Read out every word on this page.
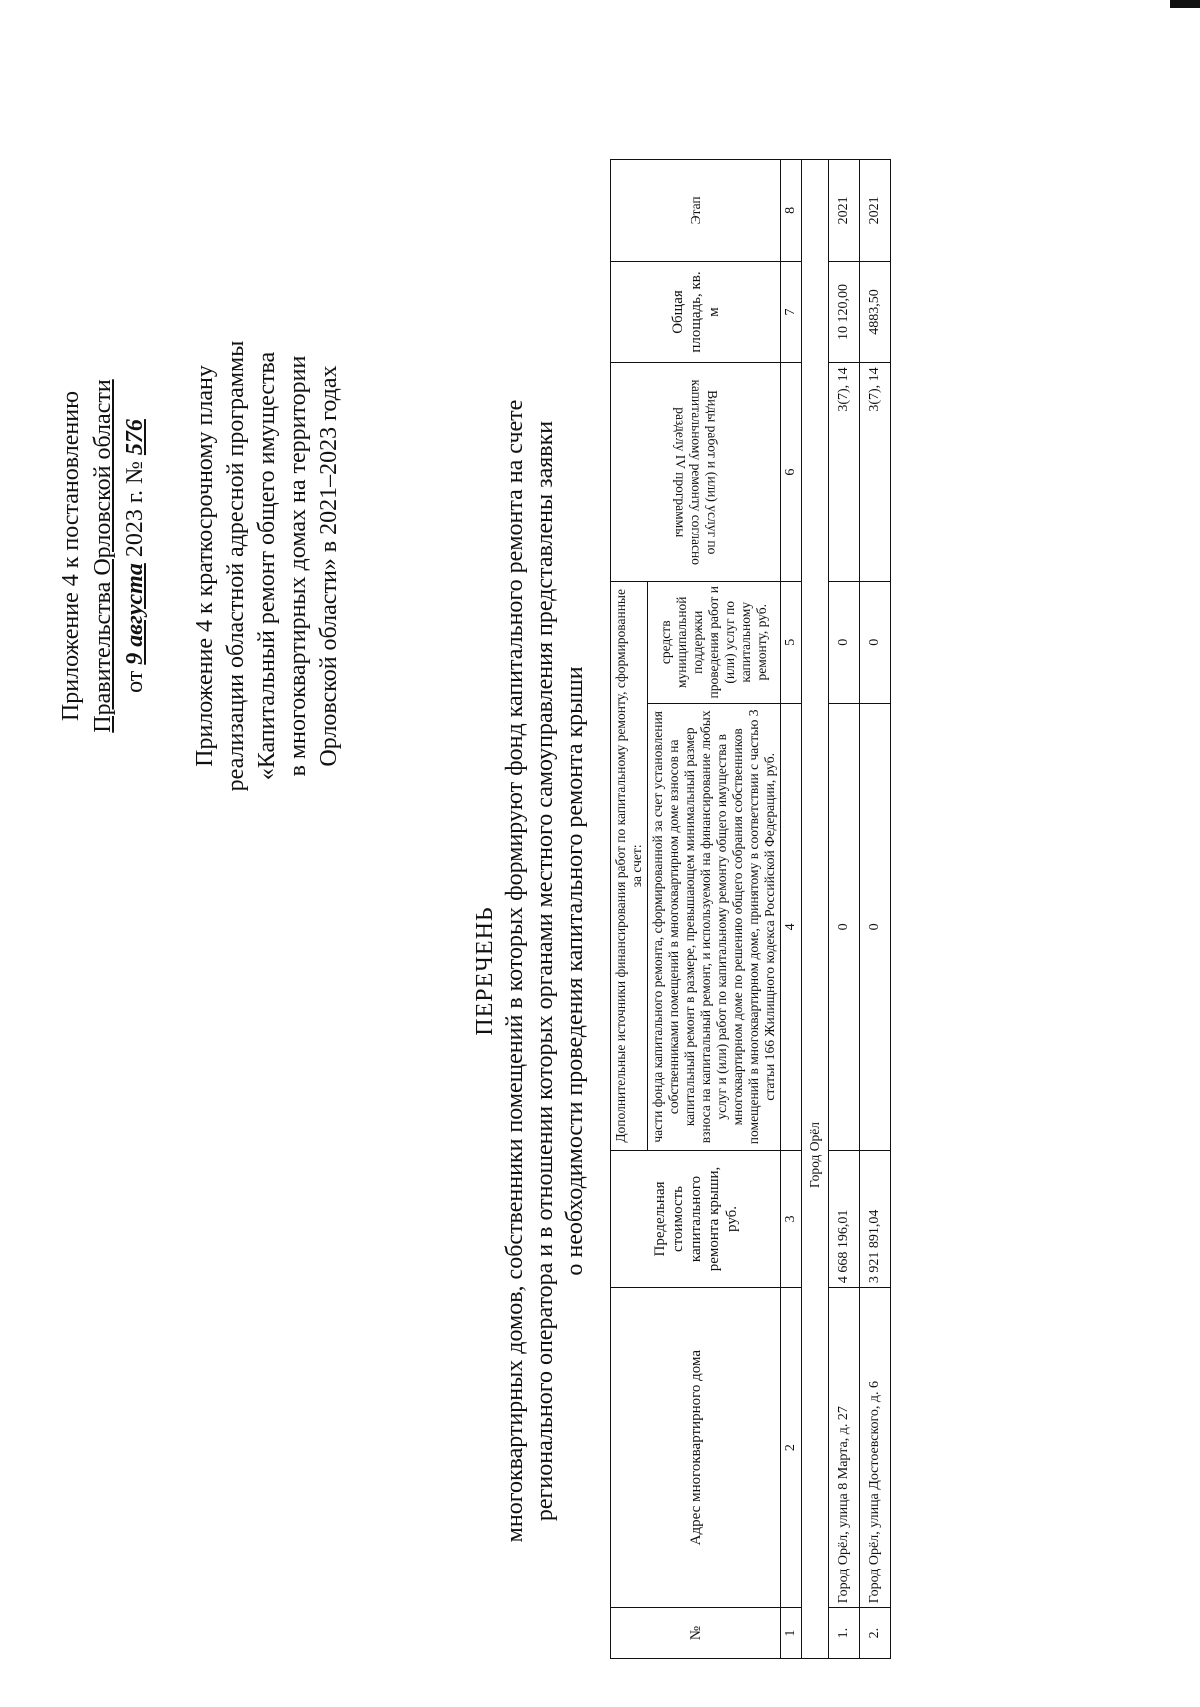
Приложение 4 к постановлению Правительства Орловской области от 9 августа 2023 г. № 576 Приложение 4 к краткосрочному плану реализации областной адресной программы «Капитальный ремонт общего имущества в многоквартирных домах на территории Орловской области» в 2021–2023 годах
ПЕРЕЧЕНЬ многоквартирных домов, собственники помещений в которых формируют фонд капитального ремонта на счете регионального оператора и в отношении которых органами местного самоуправления представлены заявки о необходимости проведения капитального ремонта крыши
№	Адрес многоквартирного дома	Предельная стоимость капитального ремонта крыши, руб.	Дополнительные источники финансирования работ по капитальному ремонту, сформированные за счет:		Виды работ и (или) услуг по капитальному ремонту согласно разделу IV программы	Общая площадь, кв. м	Этап
			части фонда капитального ремонта, сформированной за счет установления собственниками помещений в многоквартирном доме взносов на капитальный ремонт в размере, превышающем минимальный размер взноса на капитальный ремонт, и используемой на финансирование любых услуг и (или) работ по капитальному ремонту общего имущества в многоквартирном доме по решению общего собрания собственников помещений в многоквартирном доме, принятому в соответствии с частью 3 статьи 166 Жилищного кодекса Российской Федерации, руб.	средств муниципальной поддержки проведения работ и (или) услуг по капитальному ремонту, руб.			
1	2	3	4	5	6	7	8
Город Орёл							
1.	Город Орёл, улица 8 Марта, д. 27	4 668 196,01	0	0	3(7), 14	10 120,00	2021
2.	Город Орёл, улица Достоевского, д. 6	3 921 891,04	0	0	3(7), 14	4883,50	2021
